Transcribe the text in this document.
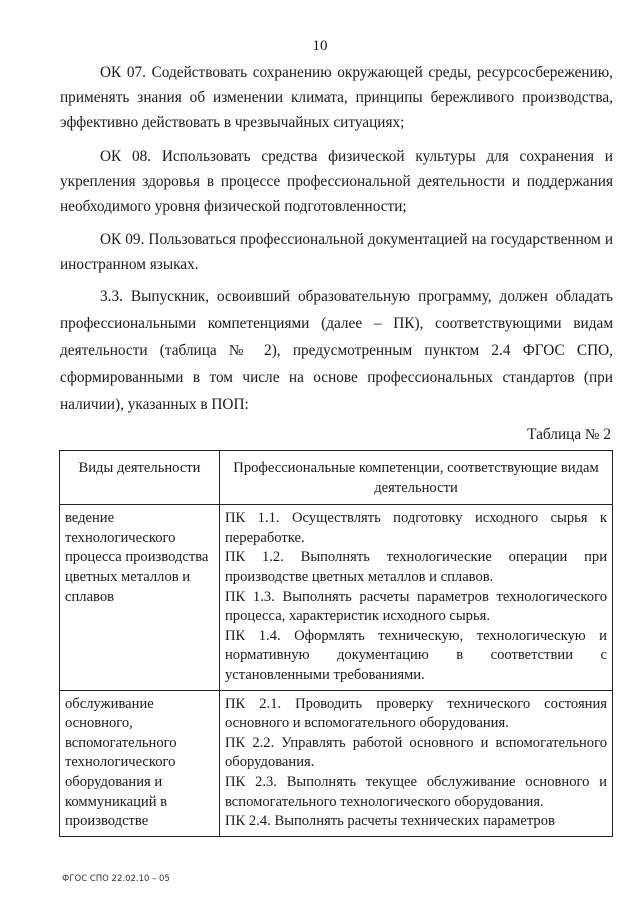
10

ОК 07. Содействовать сохранению окружающей среды, ресурсосбережению, применять знания об изменении климата, принципы бережливого производства, эффективно действовать в чрезвычайных ситуациях;

ОК 08. Использовать средства физической культуры для сохранения и укрепления здоровья в процессе профессиональной деятельности и поддержания необходимого уровня физической подготовленности;

ОК 09. Пользоваться профессиональной документацией на государственном и иностранном языках.

3.3. Выпускник, освоивший образовательную программу, должен обладать профессиональными компетенциями (далее – ПК), соответствующими видам деятельности (таблица № 2), предусмотренным пунктом 2.4 ФГОС СПО, сформированными в том числе на основе профессиональных стандартов (при наличии), указанных в ПОП:

Таблица № 2
Виды деятельности	Профессиональные компетенции, соответствующие видам деятельности
ведение технологического процесса производства цветных металлов и сплавов	ПК 1.1. Осуществлять подготовку исходного сырья к переработке.
ПК 1.2. Выполнять технологические операции при производстве цветных металлов и сплавов.
ПК 1.3. Выполнять расчеты параметров технологического процесса, характеристик исходного сырья.
ПК 1.4. Оформлять техническую, технологическую и нормативную документацию в соответствии с установленными требованиями.

обслуживание основного, вспомогательного технологического оборудования и коммуникаций в производстве	ПК 2.1. Проводить проверку технического состояния основного и вспомогательного оборудования.
ПК 2.2. Управлять работой основного и вспомогательного оборудования.
ПК 2.3. Выполнять текущее обслуживание основного и вспомогательного технологического оборудования.
ПК 2.4. Выполнять расчеты технических параметров
ФГОС СПО 22.02.10 – 05
